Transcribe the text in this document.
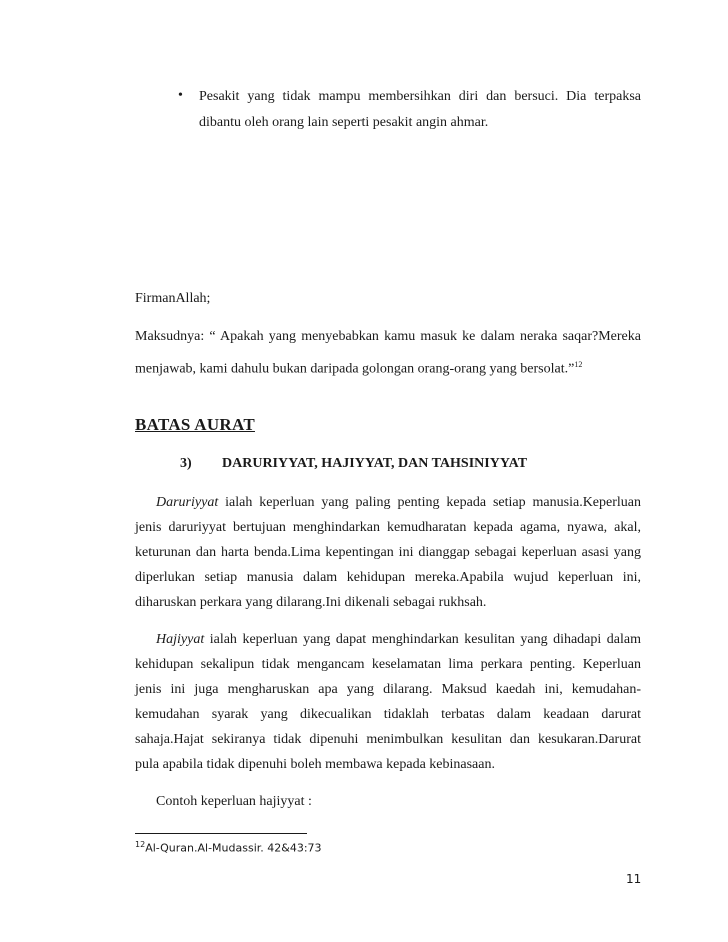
• Pesakit yang tidak mampu membersihkan diri dan bersuci. Dia terpaksa
dibantu oleh orang lain seperti pesakit angin ahmar.
FirmanAllah;
Maksudnya: “ Apakah yang menyebabkan kamu masuk ke dalam neraka saqar?Mereka
menjawab, kami dahulu bukan daripada golongan orang-orang yang bersolat.”$^{12}$
BATAS AURAT
3) DARURIYYAT, HAJIYYAT, DAN TAHSINIYYAT
Daruriyyat ialah keperluan yang paling penting kepada setiap manusia.Keperluan
jenis daruriyyat bertujuan menghindarkan kemudharatan kepada agama, nyawa, akal,
keturunan dan harta benda.Lima kepentingan ini dianggap sebagai keperluan asasi yang
diperlukan setiap manusia dalam kehidupan mereka.Apabila wujud keperluan ini,
diharuskan perkara yang dilarang.Ini dikenali sebagai rukhsah.
Hajiyyat ialah keperluan yang dapat menghindarkan kesulitan yang dihadapi dalam
kehidupan sekalipun tidak mengancam keselamatan lima perkara penting. Keperluan
jenis ini juga mengharuskan apa yang dilarang. Maksud kaedah ini, kemudahan-
kemudahan syarak yang dikecualikan tidaklah terbatas dalam keadaan darurat
sahaja.Hajat sekiranya tidak dipenuhi menimbulkan kesulitan dan kesukaran.Darurat
pula apabila tidak dipenuhi boleh membawa kepada kebinasaan.
Contoh keperluan hajiyyat :
$^{12}$Al-Quran.Al-Mudassir. 42&43:73
11
